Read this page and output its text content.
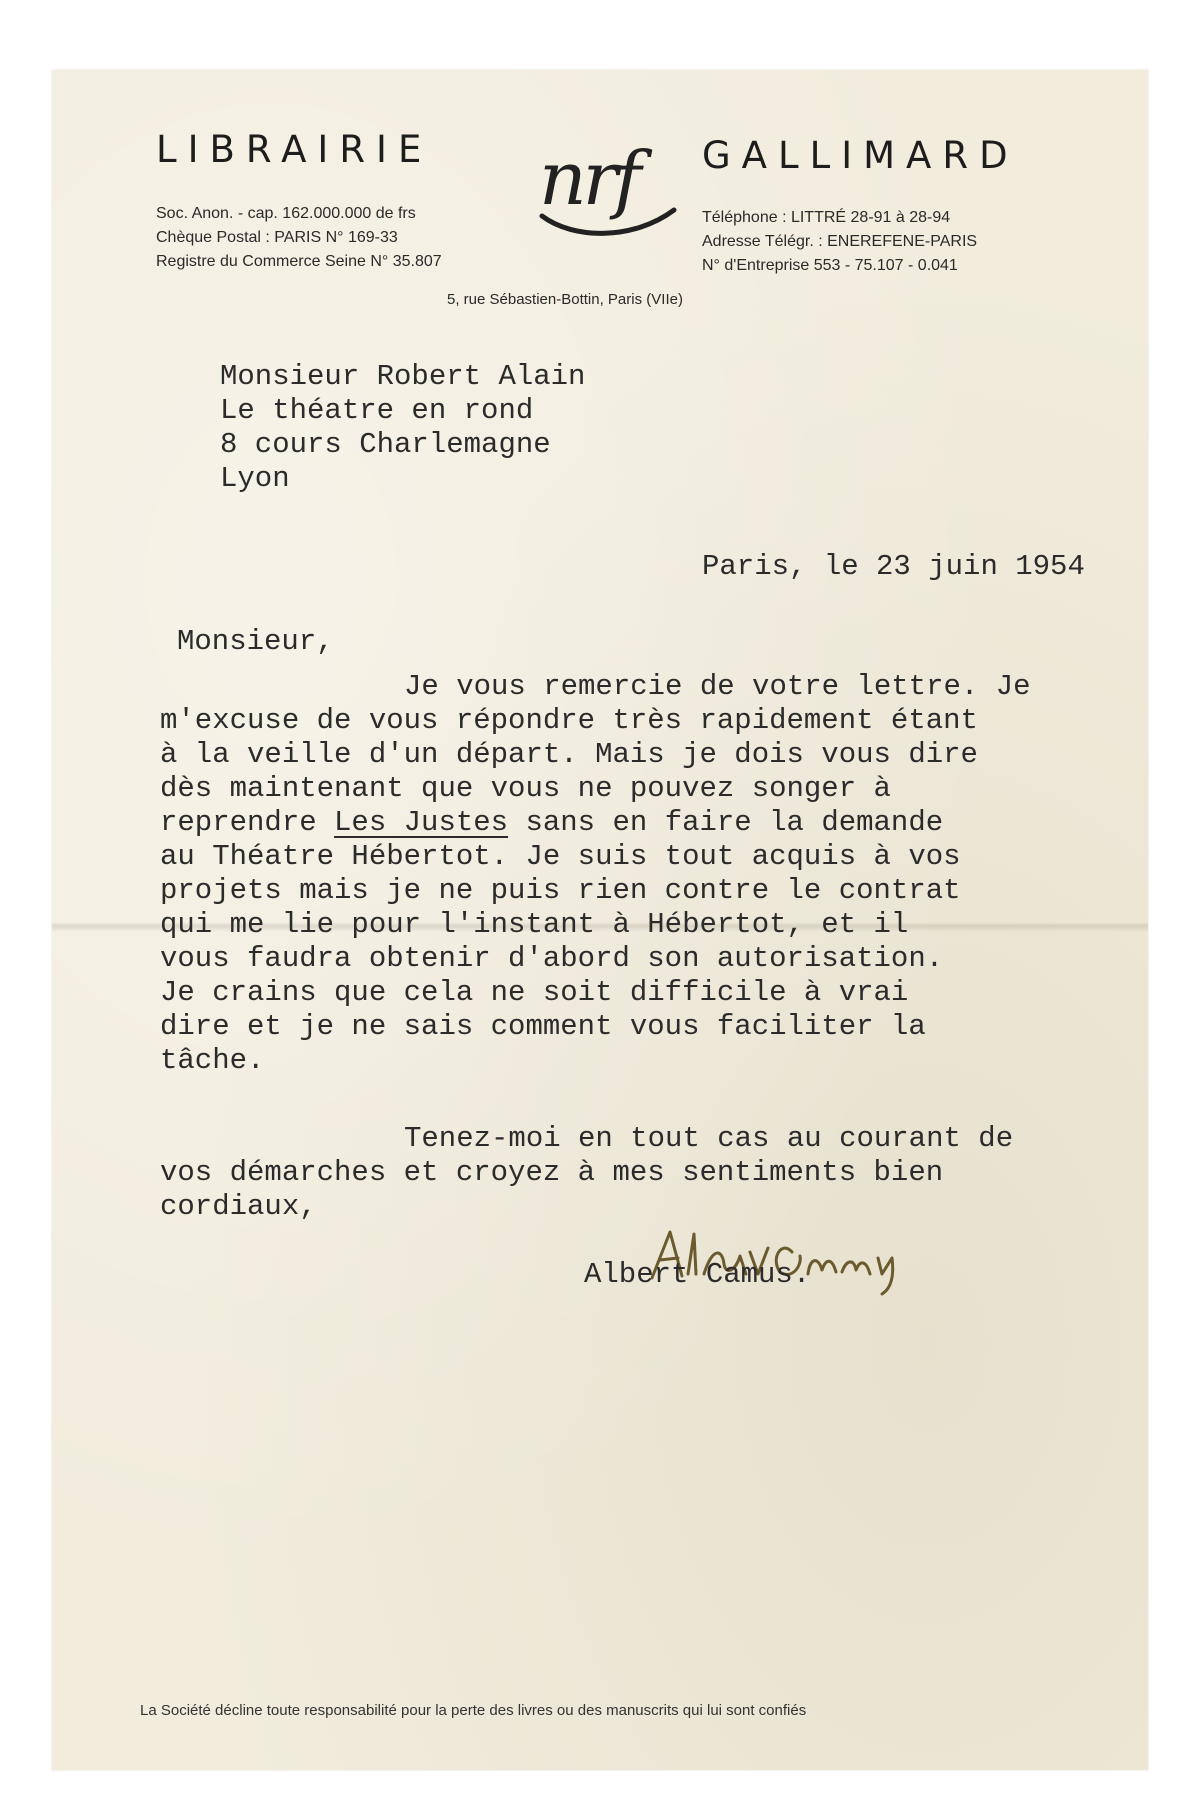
LIBRAIRIE	GALLIMARD
nrf
Soc. Anon. - cap. 162.000.000 de frs
Chèque Postal : PARIS N° 169-33
Registre du Commerce Seine N° 35.807
Téléphone : LITTRÉ 28-91 à 28-94
Adresse Télégr. : ENEREFENE-PARIS
N° d'Entreprise 553 - 75.107 - 0.041
5, rue Sébastien-Bottin, Paris (VIIe)
Monsieur Robert Alain
Le théatre en rond
8 cours Charlemagne
Lyon
Paris, le 23 juin 1954
Monsieur,

Je vous remercie de votre lettre. Je

m'excuse de vous répondre très rapidement étant

à la veille d'un départ. Mais je dois vous dire

dès maintenant que vous ne pouvez songer à

reprendre Les Justes sans en faire la demande

au Théatre Hébertot. Je suis tout acquis à vos

projets mais je ne puis rien contre le contrat

qui me lie pour l'instant à Hébertot, et il

vous faudra obtenir d'abord son autorisation.

Je crains que cela ne soit difficile à vrai

dire et je ne sais comment vous faciliter la

tâche.

Tenez-moi en tout cas au courant de

vos démarches et croyez à mes sentiments bien

cordiaux,

Albert Camus.
La Société décline toute responsabilité pour la perte des livres ou des manuscrits qui lui sont confiés
